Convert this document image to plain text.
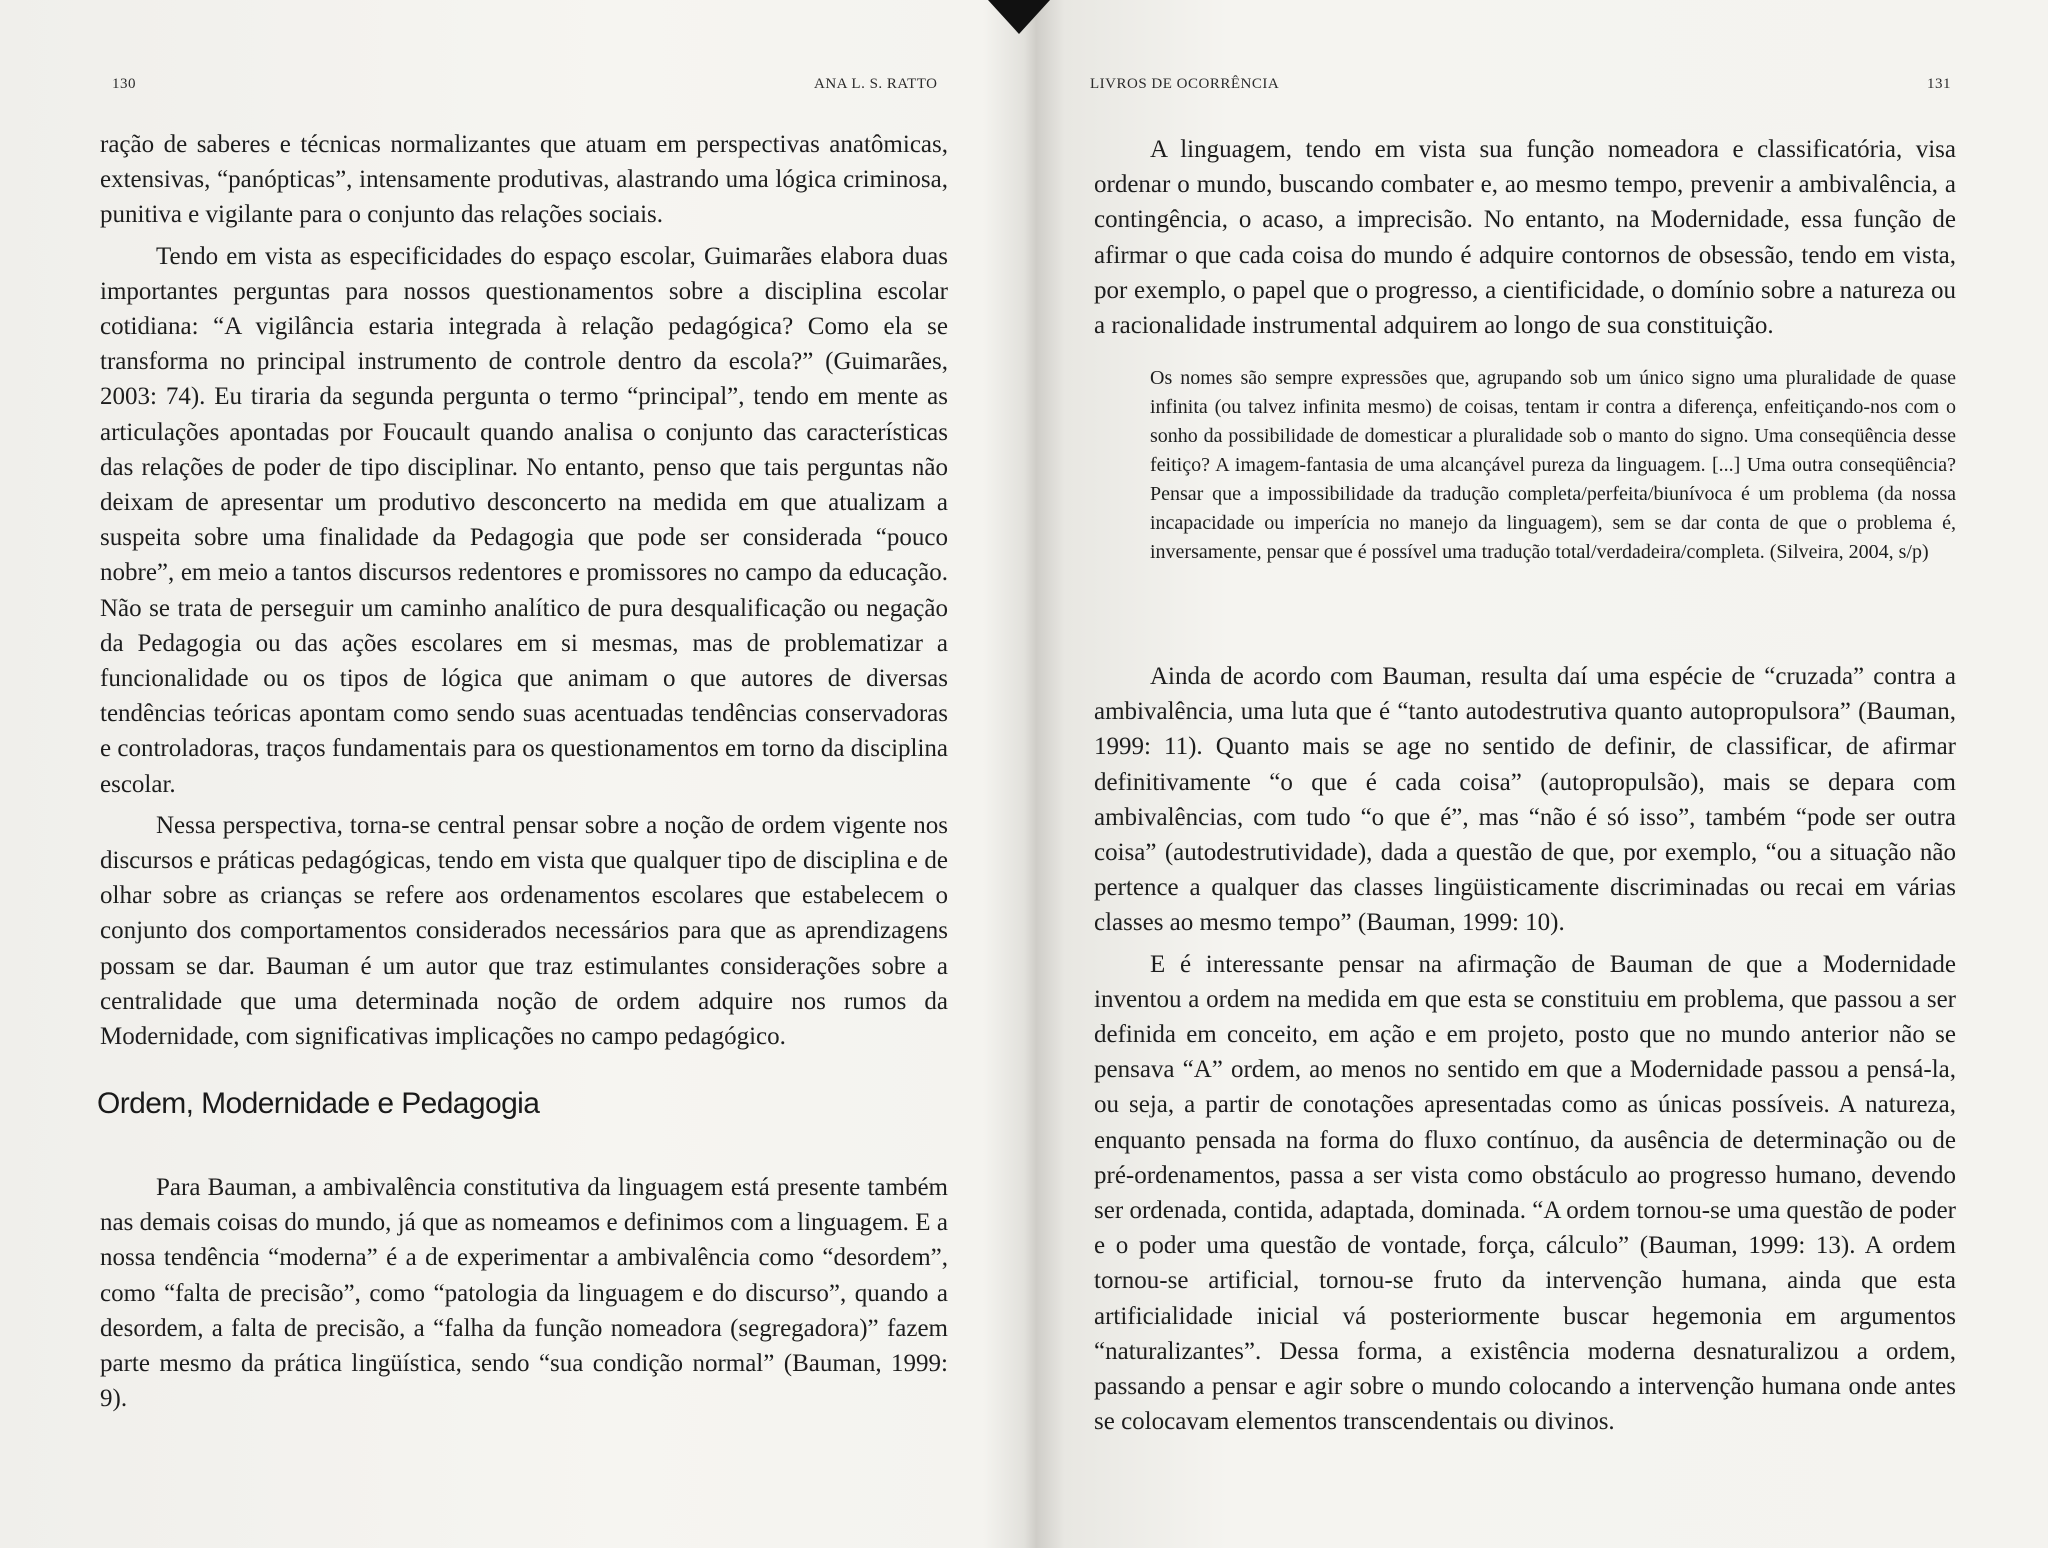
130	ANA L. S. RATTO

ração de saberes e técnicas normalizantes que atuam em perspectivas anatômicas, extensivas, “panópticas”, intensamente produtivas, alastrando uma lógica criminosa, punitiva e vigilante para o conjunto das relações sociais.

Tendo em vista as especificidades do espaço escolar, Guimarães elabora duas importantes perguntas para nossos questionamentos sobre a disciplina escolar cotidiana: “A vigilância estaria integrada à relação pedagógica? Como ela se transforma no principal instrumento de controle dentro da escola?” (Guimarães, 2003: 74). Eu tiraria da segunda pergunta o termo “principal”, tendo em mente as articulações apontadas por Foucault quando analisa o conjunto das características das relações de poder de tipo disciplinar. No entanto, penso que tais perguntas não deixam de apresentar um produtivo desconcerto na medida em que atualizam a suspeita sobre uma finalidade da Pedagogia que pode ser considerada “pouco nobre”, em meio a tantos discursos redentores e promissores no campo da educação. Não se trata de perseguir um caminho analítico de pura desqualificação ou negação da Pedagogia ou das ações escolares em si mesmas, mas de problematizar a funcionalidade ou os tipos de lógica que animam o que autores de diversas tendências teóricas apontam como sendo suas acentuadas tendências conservadoras e controladoras, traços fundamentais para os questionamentos em torno da disciplina escolar.

Nessa perspectiva, torna-se central pensar sobre a noção de ordem vigente nos discursos e práticas pedagógicas, tendo em vista que qualquer tipo de disciplina e de olhar sobre as crianças se refere aos ordenamentos escolares que estabelecem o conjunto dos comportamentos considerados necessários para que as aprendizagens possam se dar. Bauman é um autor que traz estimulantes considerações sobre a centralidade que uma determinada noção de ordem adquire nos rumos da Modernidade, com significativas implicações no campo pedagógico.

Ordem, Modernidade e Pedagogia

Para Bauman, a ambivalência constitutiva da linguagem está presente também nas demais coisas do mundo, já que as nomeamos e definimos com a linguagem. E a nossa tendência “moderna” é a de experimentar a ambivalência como “desordem”, como “falta de precisão”, como “patologia da linguagem e do discurso”, quando a desordem, a falta de precisão, a “falha da função nomeadora (segregadora)” fazem parte mesmo da prática lingüística, sendo “sua condição normal” (Bauman, 1999: 9).

LIVROS DE OCORRÊNCIA	131

A linguagem, tendo em vista sua função nomeadora e classificatória, visa ordenar o mundo, buscando combater e, ao mesmo tempo, prevenir a ambivalência, a contingência, o acaso, a imprecisão. No entanto, na Modernidade, essa função de afirmar o que cada coisa do mundo é adquire contornos de obsessão, tendo em vista, por exemplo, o papel que o progresso, a cientificidade, o domínio sobre a natureza ou a racionalidade instrumental adquirem ao longo de sua constituição.

Os nomes são sempre expressões que, agrupando sob um único signo uma pluralidade de quase infinita (ou talvez infinita mesmo) de coisas, tentam ir contra a diferença, enfeitiçando-nos com o sonho da possibilidade de domesticar a pluralidade sob o manto do signo. Uma conseqüência desse feitiço? A imagem-fantasia de uma alcançável pureza da linguagem. [...] Uma outra conseqüência? Pensar que a impossibilidade da tradução completa/perfeita/biunívoca é um problema (da nossa incapacidade ou imperícia no manejo da linguagem), sem se dar conta de que o problema é, inversamente, pensar que é possível uma tradução total/verdadeira/completa. (Silveira, 2004, s/p)

Ainda de acordo com Bauman, resulta daí uma espécie de “cruzada” contra a ambivalência, uma luta que é “tanto autodestrutiva quanto autopropulsora” (Bauman, 1999: 11). Quanto mais se age no sentido de definir, de classificar, de afirmar definitivamente “o que é cada coisa” (autopropulsão), mais se depara com ambivalências, com tudo “o que é”, mas “não é só isso”, também “pode ser outra coisa” (autodestrutividade), dada a questão de que, por exemplo, “ou a situação não pertence a qualquer das classes lingüisticamente discriminadas ou recai em várias classes ao mesmo tempo” (Bauman, 1999: 10).

E é interessante pensar na afirmação de Bauman de que a Modernidade inventou a ordem na medida em que esta se constituiu em problema, que passou a ser definida em conceito, em ação e em projeto, posto que no mundo anterior não se pensava “A” ordem, ao menos no sentido em que a Modernidade passou a pensá-la, ou seja, a partir de conotações apresentadas como as únicas possíveis. A natureza, enquanto pensada na forma do fluxo contínuo, da ausência de determinação ou de pré-ordenamentos, passa a ser vista como obstáculo ao progresso humano, devendo ser ordenada, contida, adaptada, dominada. “A ordem tornou-se uma questão de poder e o poder uma questão de vontade, força, cálculo” (Bauman, 1999: 13). A ordem tornou-se artificial, tornou-se fruto da intervenção humana, ainda que esta artificialidade inicial vá posteriormente buscar hegemonia em argumentos “naturalizantes”. Dessa forma, a existência moderna desnaturalizou a ordem, passando a pensar e agir sobre o mundo colocando a intervenção humana onde antes se colocavam elementos transcendentais ou divinos.
